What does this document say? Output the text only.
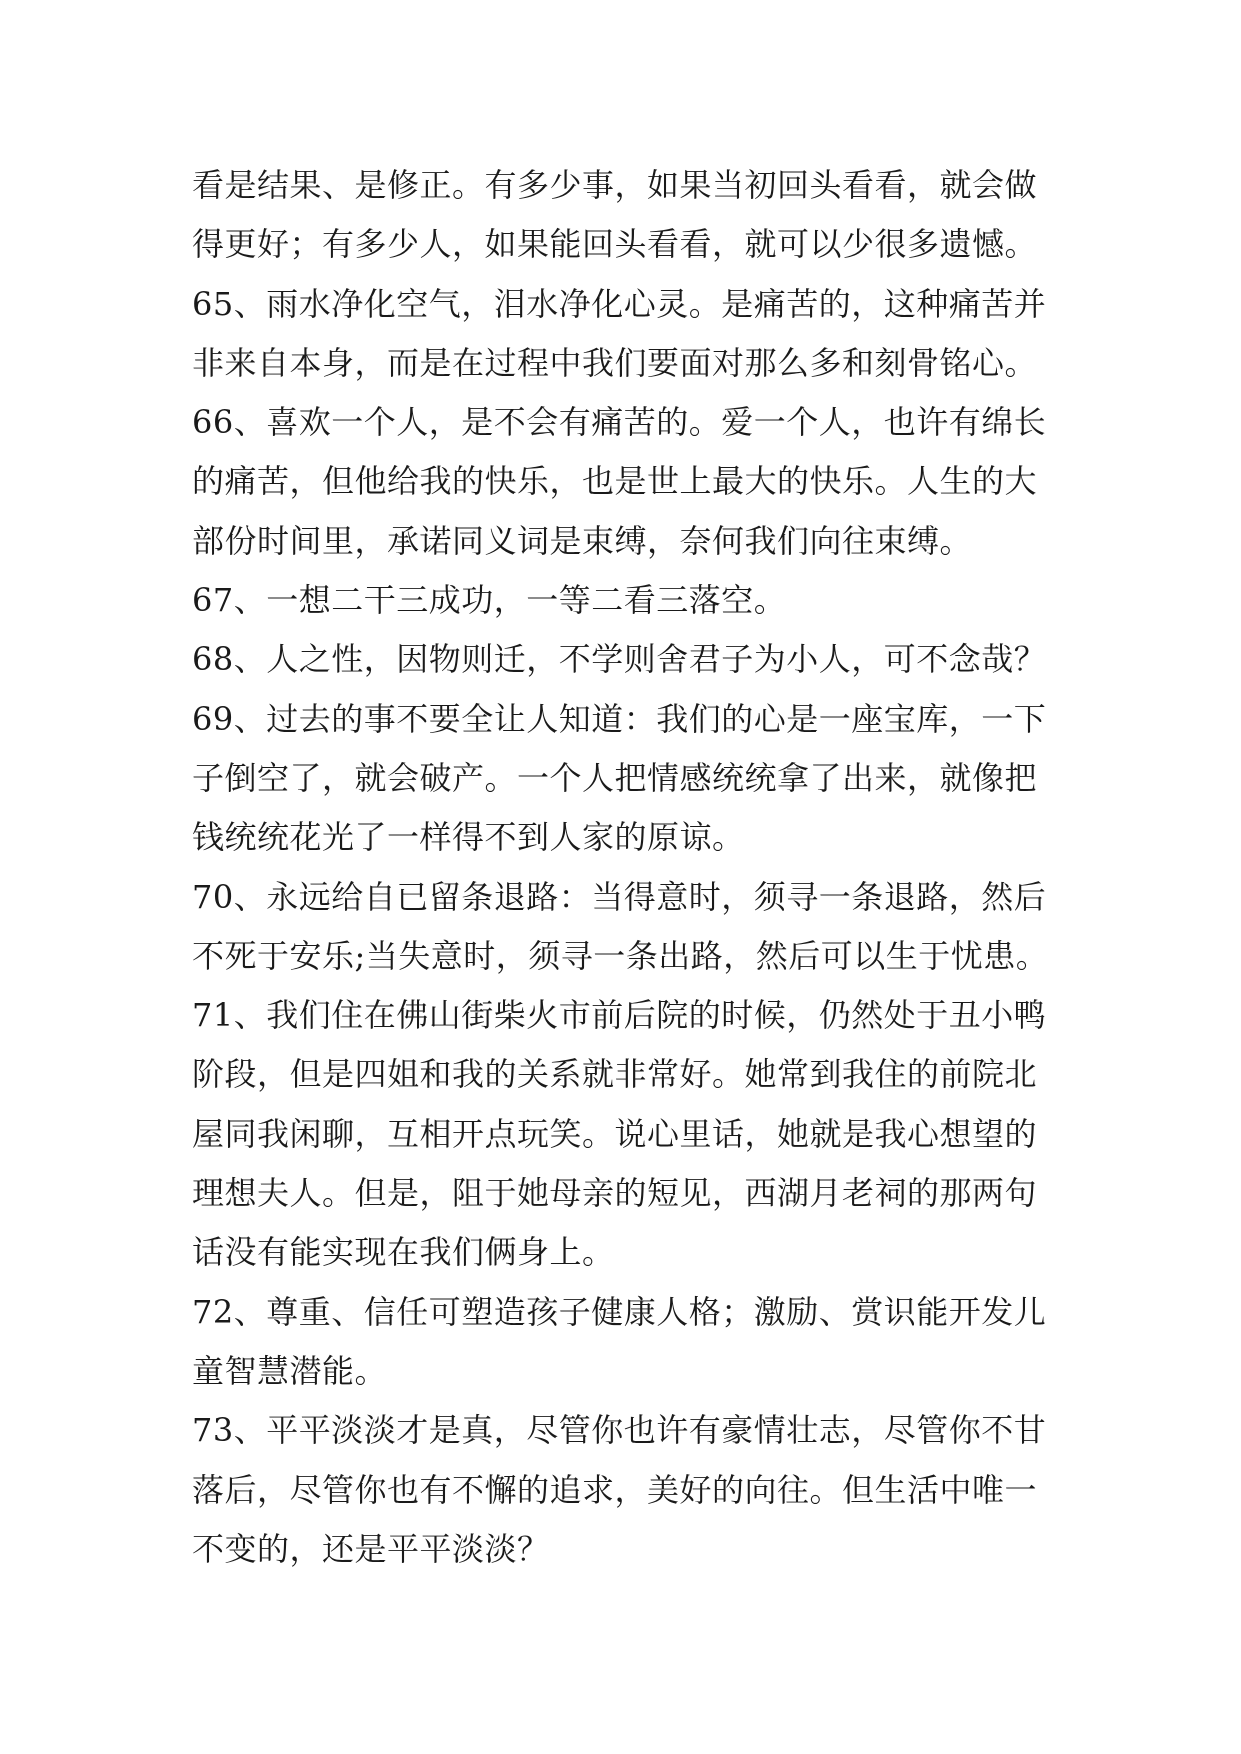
看是结果、是修正。有多少事，如果当初回头看看，就会做
得更好；有多少人，如果能回头看看，就可以少很多遗憾。
65、雨水净化空气，泪水净化心灵。是痛苦的，这种痛苦并
非来自本身，而是在过程中我们要面对那么多和刻骨铭心。
66、喜欢一个人，是不会有痛苦的。爱一个人，也许有绵长
的痛苦，但他给我的快乐，也是世上最大的快乐。人生的大
部份时间里，承诺同义词是束缚，奈何我们向往束缚。
67、一想二干三成功，一等二看三落空。
68、人之性，因物则迁，不学则舍君子为小人，可不念哉？
69、过去的事不要全让人知道：我们的心是一座宝库，一下
子倒空了，就会破产。一个人把情感统统拿了出来，就像把
钱统统花光了一样得不到人家的原谅。
70、永远给自已留条退路：当得意时，须寻一条退路，然后
不死于安乐;当失意时，须寻一条出路，然后可以生于忧患。
71、我们住在佛山街柴火市前后院的时候，仍然处于丑小鸭
阶段，但是四姐和我的关系就非常好。她常到我住的前院北
屋同我闲聊，互相开点玩笑。说心里话，她就是我心想望的
理想夫人。但是，阻于她母亲的短见，西湖月老祠的那两句
话没有能实现在我们俩身上。
72、尊重、信任可塑造孩子健康人格；激励、赏识能开发儿
童智慧潜能。
73、平平淡淡才是真，尽管你也许有豪情壮志，尽管你不甘
落后，尽管你也有不懈的追求，美好的向往。但生活中唯一
不变的，还是平平淡淡？
